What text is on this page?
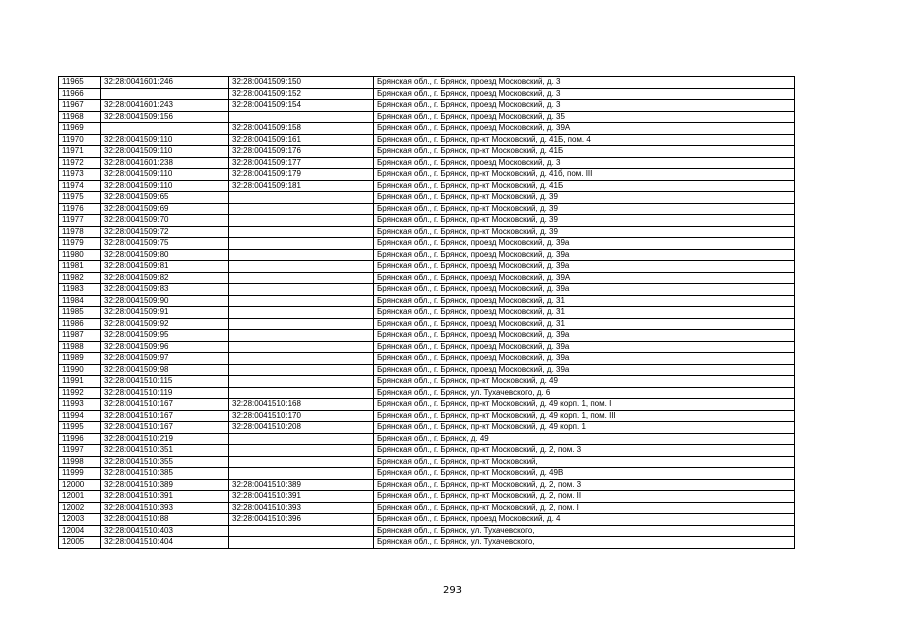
11965	32:28:0041601:246	32:28:0041509:150	Брянская обл., г. Брянск, проезд Московский, д. 3
11966		32:28:0041509:152	Брянская обл., г. Брянск, проезд Московский, д. 3
11967	32:28:0041601:243	32:28:0041509:154	Брянская обл., г. Брянск, проезд Московский, д. 3
11968	32:28:0041509:156		Брянская обл., г. Брянск, проезд Московский, д. 35
11969		32:28:0041509:158	Брянская обл., г. Брянск, проезд Московский, д. 39А
11970	32:28:0041509:110	32:28:0041509:161	Брянская обл., г. Брянск, пр-кт Московский, д. 41Б, пом. 4
11971	32:28:0041509:110	32:28:0041509:176	Брянская обл., г. Брянск, пр-кт Московский, д. 41Б
11972	32:28:0041601:238	32:28:0041509:177	Брянская обл., г. Брянск, проезд Московский, д. 3
11973	32:28:0041509:110	32:28:0041509:179	Брянская обл., г. Брянск, пр-кт Московский, д. 41б, пом. III
11974	32:28:0041509:110	32:28:0041509:181	Брянская обл., г. Брянск, пр-кт Московский, д. 41Б
11975	32:28:0041509:65		Брянская обл., г. Брянск, пр-кт Московский, д. 39
11976	32:28:0041509:69		Брянская обл., г. Брянск, пр-кт Московский, д. 39
11977	32:28:0041509:70		Брянская обл., г. Брянск, пр-кт Московский, д. 39
11978	32:28:0041509:72		Брянская обл., г. Брянск, пр-кт Московский, д. 39
11979	32:28:0041509:75		Брянская обл., г. Брянск, проезд Московский, д. 39а
11980	32:28:0041509:80		Брянская обл., г. Брянск, проезд Московский, д. 39а
11981	32:28:0041509:81		Брянская обл., г. Брянск, проезд Московский, д. 39а
11982	32:28:0041509:82		Брянская обл., г. Брянск, проезд Московский, д. 39А
11983	32:28:0041509:83		Брянская обл., г. Брянск, проезд Московский, д. 39а
11984	32:28:0041509:90		Брянская обл., г. Брянск, проезд Московский, д. 31
11985	32:28:0041509:91		Брянская обл., г. Брянск, проезд Московский, д. 31
11986	32:28:0041509:92		Брянская обл., г. Брянск, проезд Московский, д. 31
11987	32:28:0041509:95		Брянская обл., г. Брянск, проезд Московский, д. 39а
11988	32:28:0041509:96		Брянская обл., г. Брянск, проезд Московский, д. 39а
11989	32:28:0041509:97		Брянская обл., г. Брянск, проезд Московский, д. 39а
11990	32:28:0041509:98		Брянская обл., г. Брянск, проезд Московский, д. 39а
11991	32:28:0041510:115		Брянская обл., г. Брянск, пр-кт Московский, д. 49
11992	32:28:0041510:119		Брянская обл., г. Брянск, ул. Тухачевского, д. 6
11993	32:28:0041510:167	32:28:0041510:168	Брянская обл., г. Брянск, пр-кт Московский, д. 49 корп. 1, пом. I
11994	32:28:0041510:167	32:28:0041510:170	Брянская обл., г. Брянск, пр-кт Московский, д. 49 корп. 1, пом. III
11995	32:28:0041510:167	32:28:0041510:208	Брянская обл., г. Брянск, пр-кт Московский, д. 49 корп. 1
11996	32:28:0041510:219		Брянская обл., г. Брянск, д. 49
11997	32:28:0041510:351		Брянская обл., г. Брянск, пр-кт Московский, д. 2, пом. 3
11998	32:28:0041510:355		Брянская обл., г. Брянск, пр-кт Московский,
11999	32:28:0041510:385		Брянская обл., г. Брянск, пр-кт Московский, д. 49В
12000	32:28:0041510:389	32:28:0041510:389	Брянская обл., г. Брянск, пр-кт Московский, д. 2, пом. 3
12001	32:28:0041510:391	32:28:0041510:391	Брянская обл., г. Брянск, пр-кт Московский, д. 2, пом. II
12002	32:28:0041510:393	32:28:0041510:393	Брянская обл., г. Брянск, пр-кт Московский, д. 2, пом. I
12003	32:28:0041510:88	32:28:0041510:396	Брянская обл., г. Брянск, проезд Московский, д. 4
12004	32:28:0041510:403		Брянская обл., г. Брянск, ул. Тухачевского,
12005	32:28:0041510:404		Брянская обл., г. Брянск, ул. Тухачевского,
293
